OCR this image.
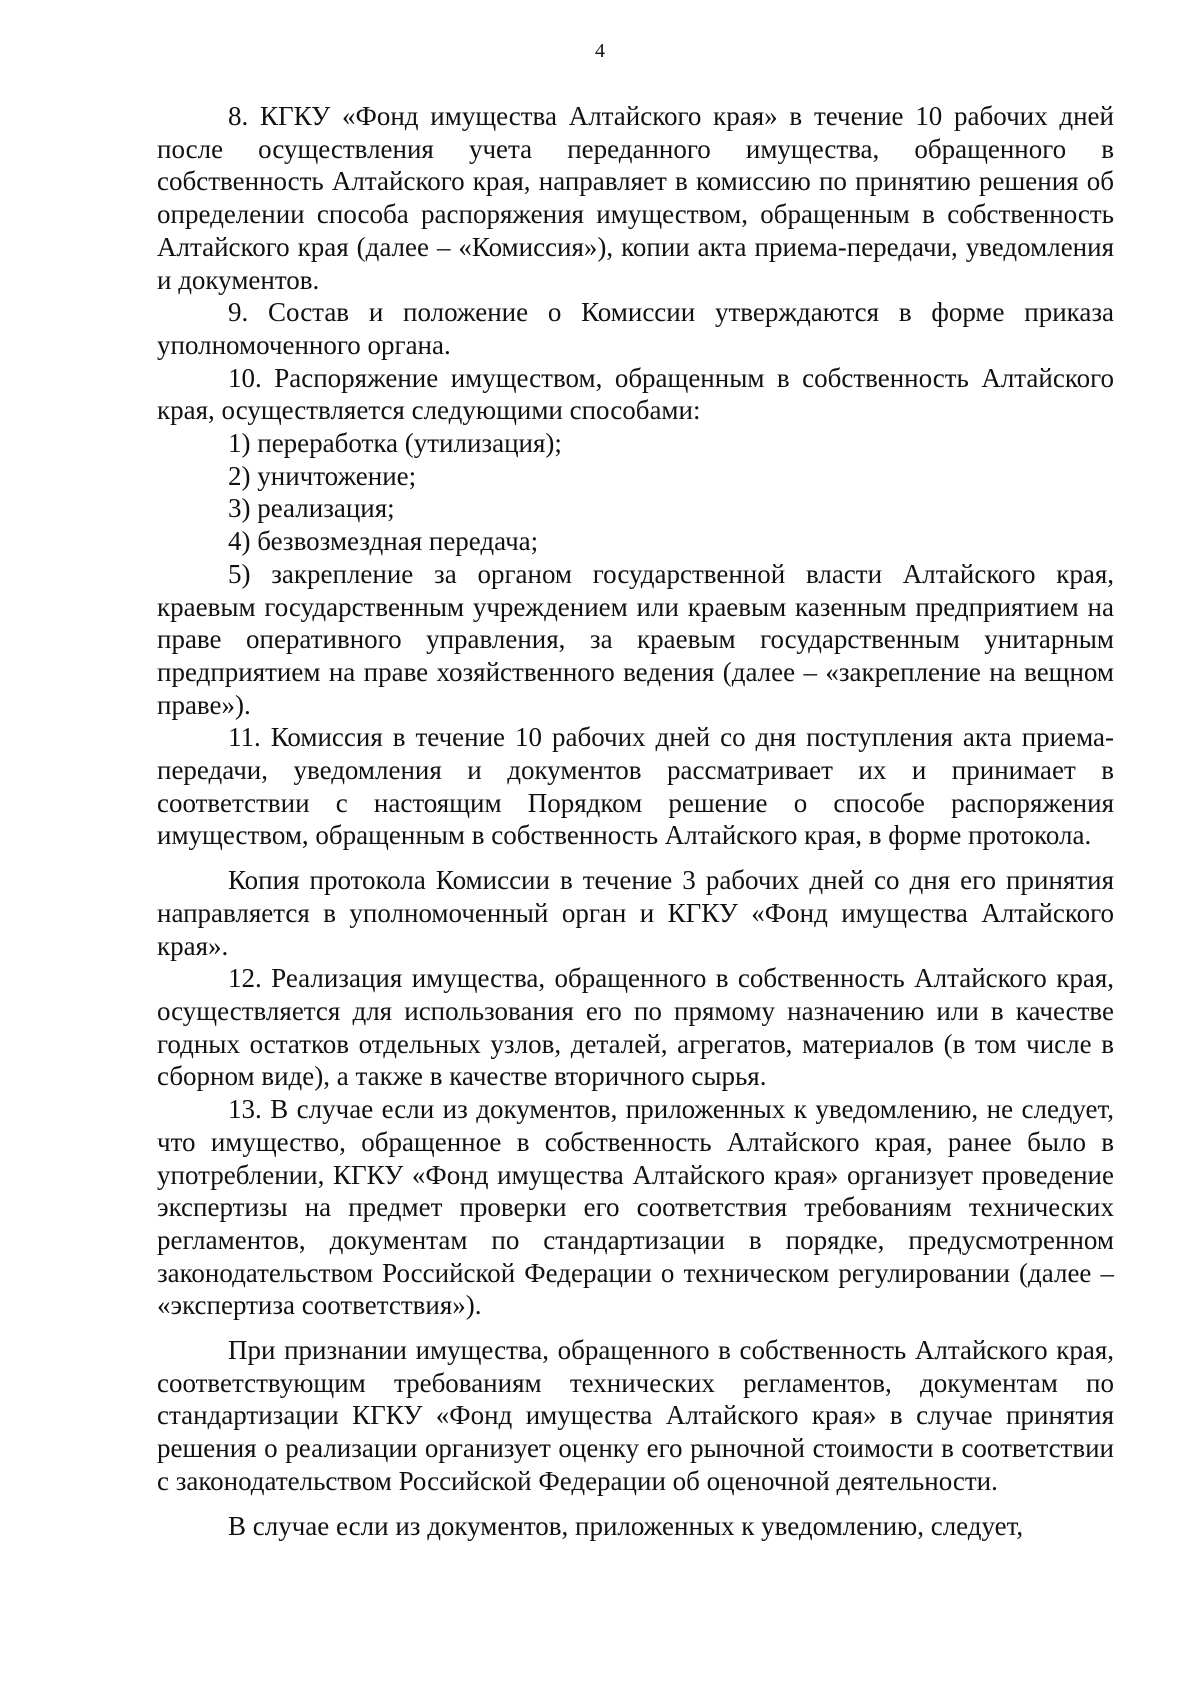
4

8. КГКУ «Фонд имущества Алтайского края» в течение 10 рабочих дней после осуществления учета переданного имущества, обращенного в собственность Алтайского края, направляет в комиссию по принятию решения об определении способа распоряжения имуществом, обращенным в собственность Алтайского края (далее – «Комиссия»), копии акта приема-передачи, уведомления и документов.

9. Состав и положение о Комиссии утверждаются в форме приказа уполномоченного органа.

10. Распоряжение имуществом, обращенным в собственность Алтайского края, осуществляется следующими способами:

1) переработка (утилизация);

2) уничтожение;

3) реализация;

4) безвозмездная передача;

5) закрепление за органом государственной власти Алтайского края, краевым государственным учреждением или краевым казенным предприятием на праве оперативного управления, за краевым государственным унитарным предприятием на праве хозяйственного ведения (далее – «закрепление на вещном праве»).

11. Комиссия в течение 10 рабочих дней со дня поступления акта приема-передачи, уведомления и документов рассматривает их и принимает в соответствии с настоящим Порядком решение о способе распоряжения имуществом, обращенным в собственность Алтайского края, в форме протокола.

Копия протокола Комиссии в течение 3 рабочих дней со дня его принятия направляется в уполномоченный орган и КГКУ «Фонд имущества Алтайского края».

12. Реализация имущества, обращенного в собственность Алтайского края, осуществляется для использования его по прямому назначению или в качестве годных остатков отдельных узлов, деталей, агрегатов, материалов (в том числе в сборном виде), а также в качестве вторичного сырья.

13. В случае если из документов, приложенных к уведомлению, не следует, что имущество, обращенное в собственность Алтайского края, ранее было в употреблении, КГКУ «Фонд имущества Алтайского края» организует проведение экспертизы на предмет проверки его соответствия требованиям технических регламентов, документам по стандартизации в порядке, предусмотренном законодательством Российской Федерации о техническом регулировании (далее – «экспертиза соответствия»).

При признании имущества, обращенного в собственность Алтайского края, соответствующим требованиям технических регламентов, документам по стандартизации КГКУ «Фонд имущества Алтайского края» в случае принятия решения о реализации организует оценку его рыночной стоимости в соответствии с законодательством Российской Федерации об оценочной деятельности.

В случае если из документов, приложенных к уведомлению, следует,
